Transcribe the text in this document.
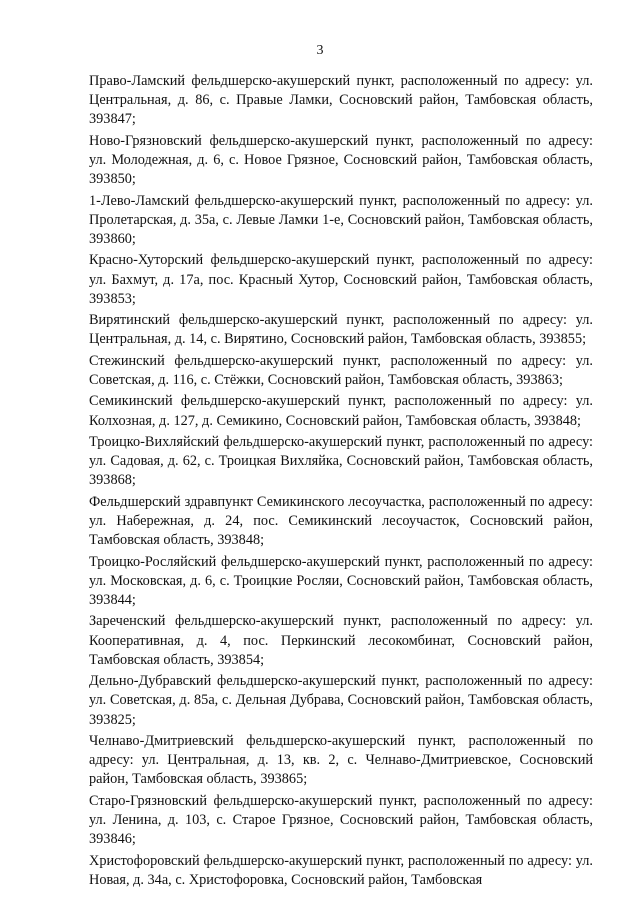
3

Право-Ламский фельдшерско-акушерский пункт, расположенный по адресу: ул. Центральная, д. 86, с. Правые Ламки, Сосновский район, Тамбовская область, 393847;

Ново-Грязновский фельдшерско-акушерский пункт, расположенный по адресу: ул. Молодежная, д. 6, с. Новое Грязное, Сосновский район, Тамбовская область, 393850;

1-Лево-Ламский фельдшерско-акушерский пункт, расположенный по адресу: ул. Пролетарская, д. 35а, с. Левые Ламки 1-е, Сосновский район, Тамбовская область, 393860;

Красно-Хуторский фельдшерско-акушерский пункт, расположенный по адресу: ул. Бахмут, д. 17а, пос. Красный Хутор, Сосновский район, Тамбовская область, 393853;

Вирятинский фельдшерско-акушерский пункт, расположенный по адресу: ул. Центральная, д. 14, с. Вирятино, Сосновский район, Тамбовская область, 393855;

Стежинский фельдшерско-акушерский пункт, расположенный по адресу: ул. Советская, д. 116, с. Стёжки, Сосновский район, Тамбовская область, 393863;

Семикинский фельдшерско-акушерский пункт, расположенный по адресу: ул. Колхозная, д. 127, д. Семикино, Сосновский район, Тамбовская область, 393848;

Троицко-Вихляйский фельдшерско-акушерский пункт, расположенный по адресу: ул. Садовая, д. 62, с. Троицкая Вихляйка, Сосновский район, Тамбовская область, 393868;

Фельдшерский здравпункт Семикинского лесоучастка, расположенный по адресу: ул. Набережная, д. 24, пос. Семикинский лесоучасток, Сосновский район, Тамбовская область, 393848;

Троицко-Росляйский фельдшерско-акушерский пункт, расположенный по адресу: ул. Московская, д. 6, с. Троицкие Росляи, Сосновский район, Тамбовская область, 393844;

Зареченский фельдшерско-акушерский пункт, расположенный по адресу: ул. Кооперативная, д. 4, пос. Перкинский лесокомбинат, Сосновский район, Тамбовская область, 393854;

Дельно-Дубравский фельдшерско-акушерский пункт, расположенный по адресу: ул. Советская, д. 85а, с. Дельная Дубрава, Сосновский район, Тамбовская область, 393825;

Челнаво-Дмитриевский фельдшерско-акушерский пункт, расположенный по адресу: ул. Центральная, д. 13, кв. 2, с. Челнаво-Дмитриевское, Сосновский район, Тамбовская область, 393865;

Старо-Грязновский фельдшерско-акушерский пункт, расположенный по адресу: ул. Ленина, д. 103, с. Старое Грязное, Сосновский район, Тамбовская область, 393846;

Христофоровский фельдшерско-акушерский пункт, расположенный по адресу: ул. Новая, д. 34а, с. Христофоровка, Сосновский район, Тамбовская
